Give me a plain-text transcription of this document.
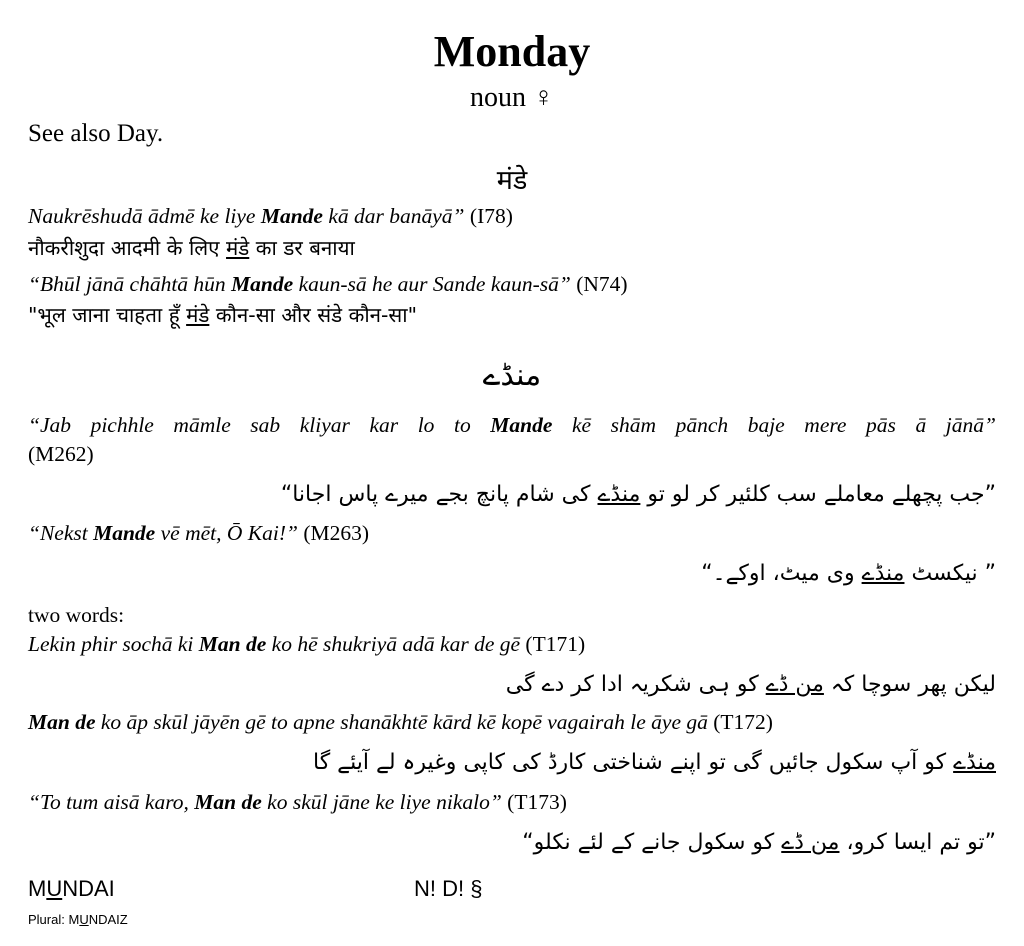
Monday
noun ♀
See also Day.
मंडे
Naukrēshudā ādmē ke liye Mande kā dar banāyā” (I78)
नौकरीशुदा आदमी के लिए मंडे का डर बनाया
“Bhūl jānā chāhtā hūn Mande kaun-sā he aur Sande kaun-sā” (N74)
"भूल जाना चाहता हूँ मंडे कौन-सा और संडे कौन-सा"
منڈے
“Jab pichhle māmle sab kliyar kar lo to Mande kē shām pānch baje mere pās ā jānā”
(M262)
”جب پچھلے معاملے سب کلئیر کر لو تو منڈے کی شام پانچ بجے میرے پاس اجانا“
“Nekst Mande vē mēt, Ō Kai!” (M263)
” نیکسٹ منڈے وی میٹ، اوکے۔“
two words:
Lekin phir sochā ki Man de ko hē shukriyā adā kar de gē (T171)
لیکن پھر سوچا کہ من ڈے کو ہی شکریہ ادا کر دے گی
Man de ko āp skūl jāyēn gē to apne shanākhtē kārd kē kopē vagairah le āye gā (T172)
منڈے کو آپ سکول جائیں گی تو اپنے شناختی کارڈ کی کاپی وغیرہ لے آیئے گا
“To tum aisā karo, Man de ko skūl jāne ke liye nikalo” (T173)
”تو تم ایسا کرو، من ڈے کو سکول جانے کے لئے نکلو“
MUNDAI
Plural: MUNDAIZ
N! D! §
